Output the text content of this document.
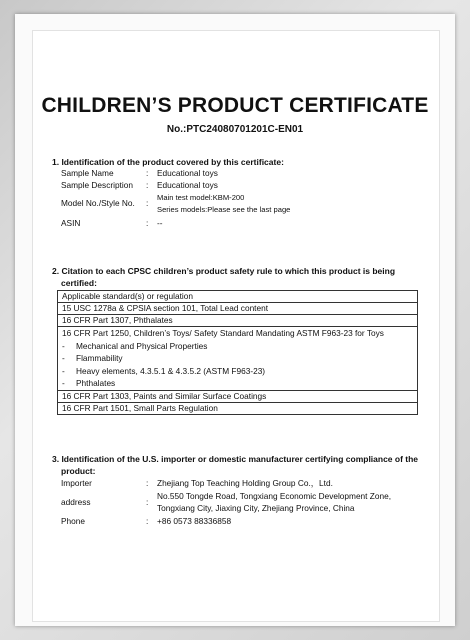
CHILDREN’S PRODUCT CERTIFICATE
No.:PTC24080701201C-EN01
1. Identification of the product covered by this certificate:
Sample Name	: Educational toys
Sample Description : Educational toys
Model No./Style No. :
Main test model:KBM-200
Series models:Please see the last page
ASIN	: --
2. Citation to each CPSC children’s product safety rule to which this product is being
certified:
Applicable standard(s) or regulation
15 USC 1278a & CPSIA section 101, Total Lead content
16 CFR Part 1307, Phthalates

16 CFR Part 1250, Children’s Toys/ Safety Standard Mandating ASTM F963-23 for Toys
- Mechanical and Physical Properties
- Flammability
- Heavy elements, 4.3.5.1 & 4.3.5.2 (ASTM F963-23)
- Phthalates

16 CFR Part 1303, Paints and Similar Surface Coatings
16 CFR Part 1501, Small Parts Regulation
3. Identification of the U.S. importer or domestic manufacturer certifying compliance of the
product:
Importer	: Zhejiang Top Teaching Holding Group Co.，Ltd.
address	:
No.550 Tongde Road, Tongxiang Economic Development Zone,
Tongxiang City, Jiaxing City, Zhejiang Province, China
Phone	: +86 0573 88336858
